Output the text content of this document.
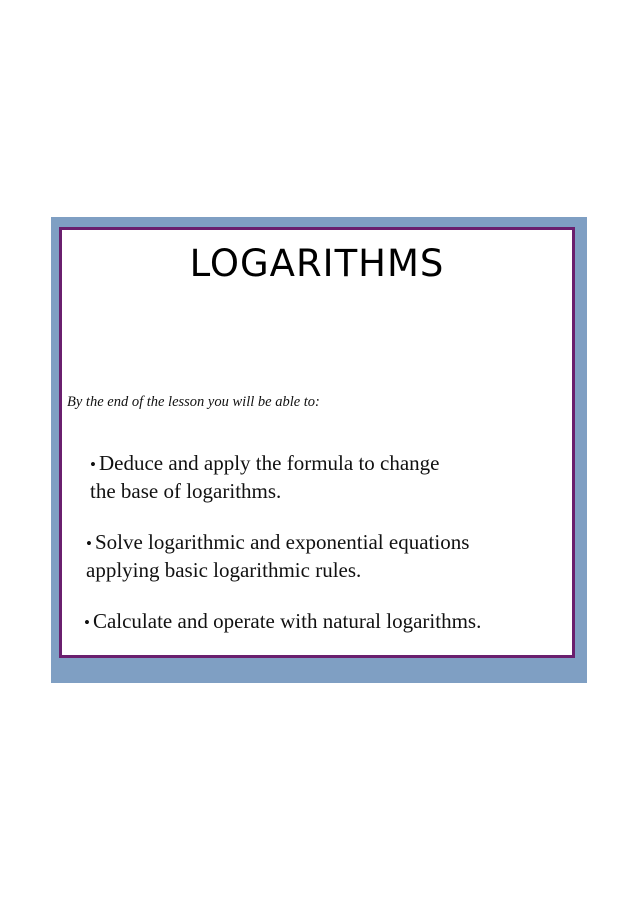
LOGARITHMS
By the end of the lesson you will be able to:
• Deduce and apply the formula to change
the base of logarithms.
• Solve logarithmic and exponential equations
applying basic logarithmic rules.
• Calculate and operate with natural logarithms.
